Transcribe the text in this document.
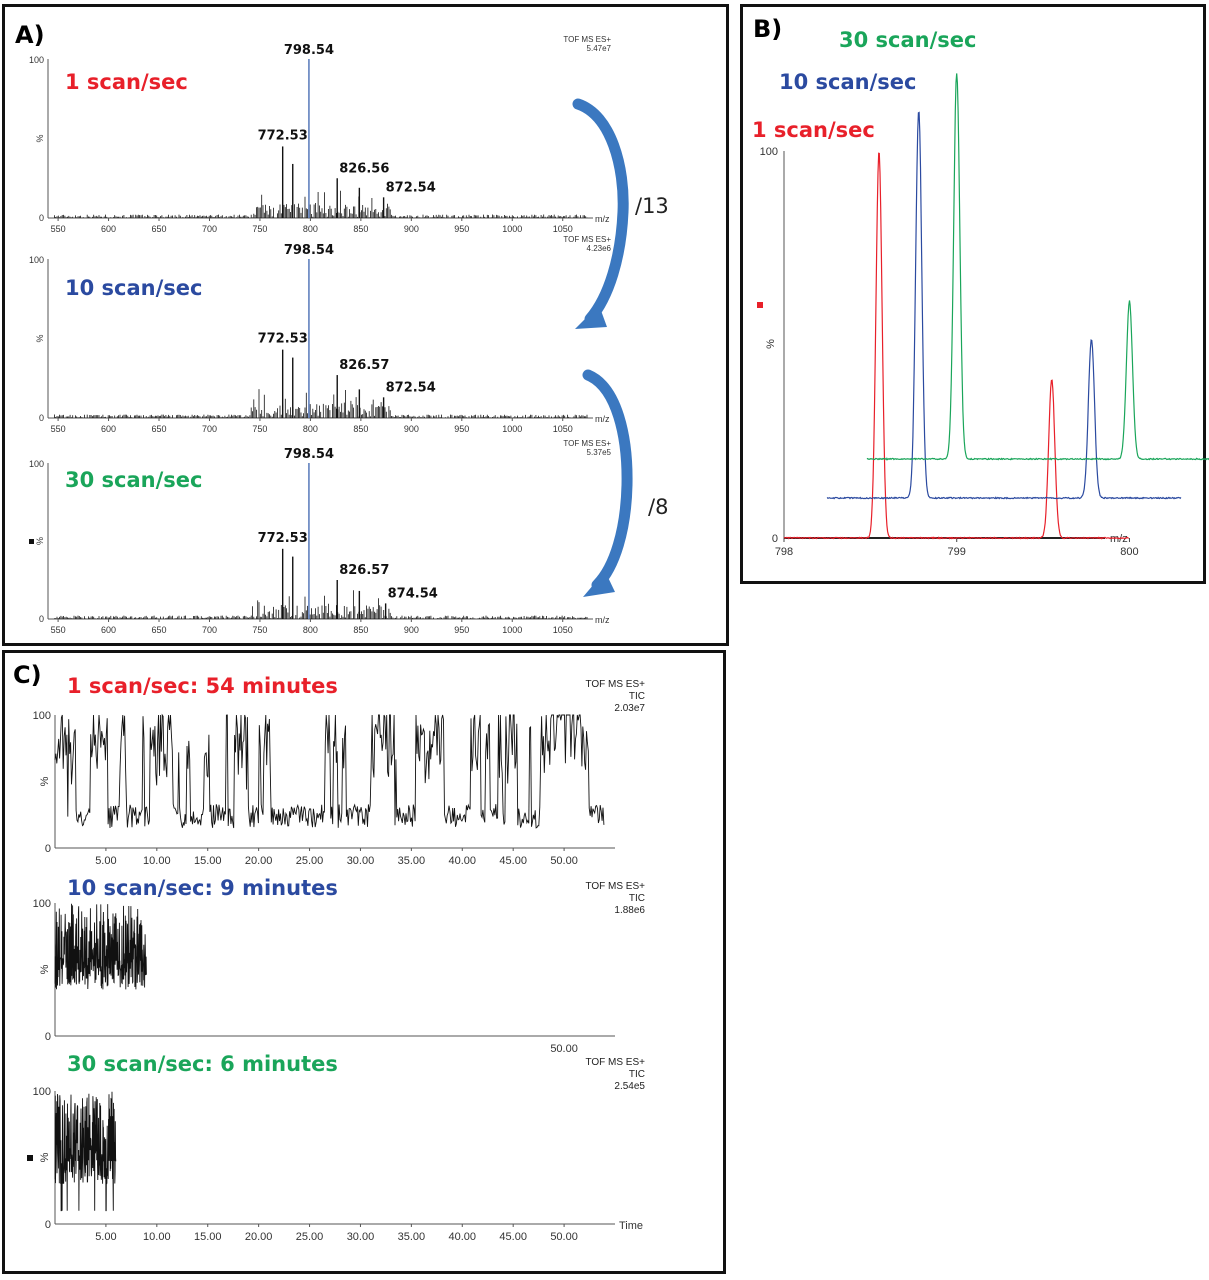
A)
100
0
%
550	600	650	700	750	800	850	900	950	1000	1050
m/z
TOF MS ES+
5.47e7
1 scan/sec
798.54
772.53
826.56
872.54
100
0
%
550	600	650	700	750	800	850	900	950	1000	1050
m/z
TOF MS ES+
4.23e6
10 scan/sec
798.54
772.53
826.57
872.54
100
0
%
550	600	650	700	750	800	850	900	950	1000	1050
m/z
TOF MS ES+
5.37e5
30 scan/sec
798.54
772.53
826.57
874.54
/13
/8
B)	30 scan/sec
10 scan/sec
1 scan/sec
100
0
%
798	799	800
m/z
C)
100
0
%
1 scan/sec: 54 minutes	TOF MS ES+
TIC
2.03e7
5.00 10.00 15.00 20.00 25.00 30.00 35.00 40.00 45.00 50.00
100
0
%
10 scan/sec: 9 minutes	TOF MS ES+
TIC
1.88e6
50.00
100
0
%
30 scan/sec: 6 minutes	TOF MS ES+
TIC
2.54e5
5.00 10.00 15.00 20.00 25.00 30.00 35.00 40.00 45.00 50.00
Time
